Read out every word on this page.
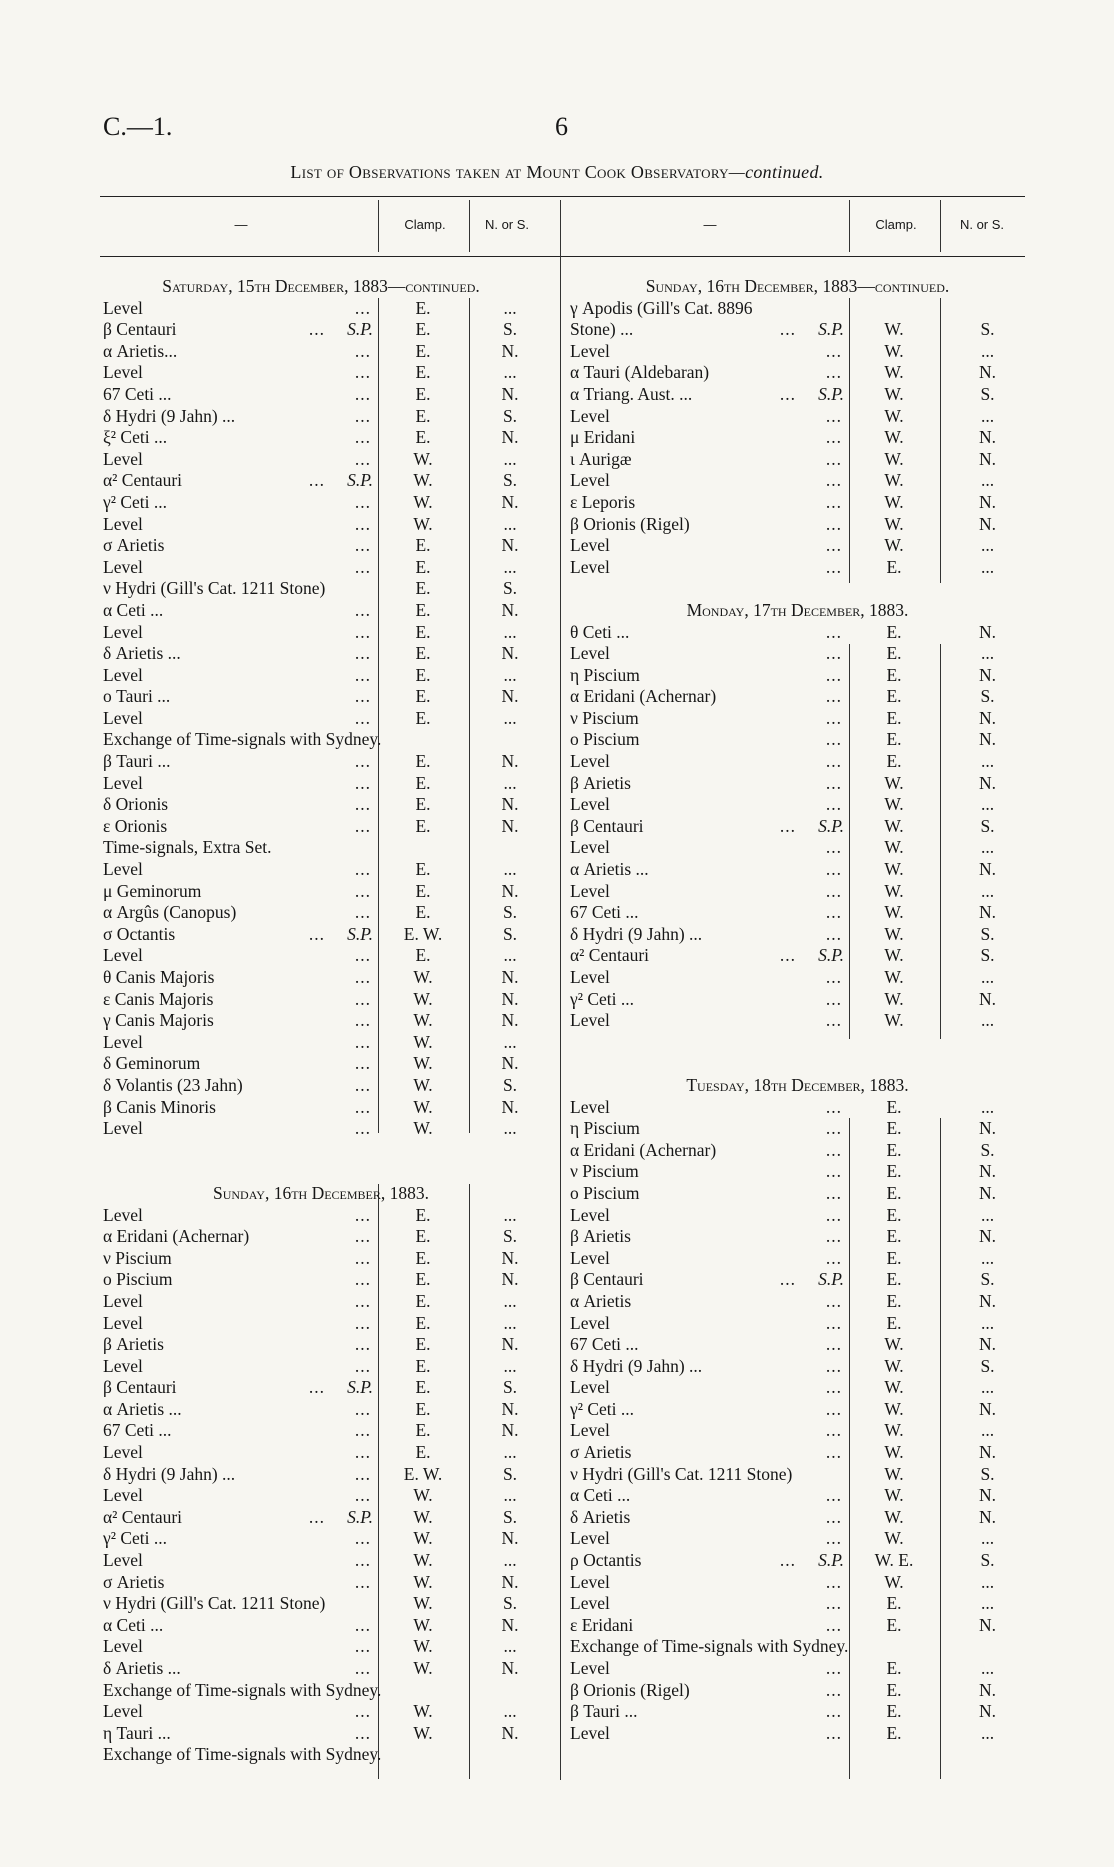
C.—1.	6
List of Observations taken at Mount Cook Observatory—continued.
—	Clamp.	N. or S.	—	Clamp.	N. or S.
Saturday, 15th December, 1883—continued.
Level	...	E.	...
β Centauri	...	S.P.	E.	S.
α Arietis...	...	E.	N.
Level	...	E.	...
67 Ceti ...	...	E.	N.
δ Hydri (9 Jahn) ...	...	E.	S.
ξ² Ceti ...	...	E.	N.
Level	...	W.	...
α² Centauri	...	S.P.	W.	S.
γ² Ceti ...	...	W.	N.
Level	...	W.	...
σ Arietis	...	E.	N.
Level	...	E.	...
ν Hydri (Gill's Cat. 1211 Stone)	E.	S.
α Ceti ...	...	E.	N.
Level	...	E.	...
δ Arietis ...	...	E.	N.
Level	...	E.	...
ο Tauri ...	...	E.	N.
Level	...	E.	...
Exchange of Time-signals with Sydney.
β Tauri ...	...	E.	N.
Level	...	E.	...
δ Orionis	...	E.	N.
ε Orionis	...	E.	N.
Time-signals, Extra Set.
Level	...	E.	...
μ Geminorum	...	E.	N.
α Argûs (Canopus)	...	E.	S.
σ Octantis	...	S.P.	E. W.	S.
Level	...	E.	...
θ Canis Majoris	...	W.	N.
ε Canis Majoris	...	W.	N.
γ Canis Majoris	...	W.	N.
Level	...	W.	...
δ Geminorum	...	W.	N.
δ Volantis (23 Jahn)	...	W.	S.
β Canis Minoris	...	W.	N.
Level	...	W.	...
Sunday, 16th December, 1883.
Level	...	E.	...
α Eridani (Achernar)	...	E.	S.
ν Piscium	...	E.	N.
ο Piscium	...	E.	N.
Level	...	E.	...
Level	...	E.	...
β Arietis	...	E.	N.
Level	...	E.	...
β Centauri	...	S.P.	E.	S.
α Arietis ...	...	E.	N.
67 Ceti ...	...	E.	N.
Level	...	E.	...
δ Hydri (9 Jahn) ...	...	E. W.	S.
Level	...	W.	...
α² Centauri	...	S.P.	W.	S.
γ² Ceti ...	...	W.	N.
Level	...	W.	...
σ Arietis	...	W.	N.
ν Hydri (Gill's Cat. 1211 Stone)	W.	S.
α Ceti ...	...	W.	N.
Level	...	W.	...
δ Arietis ...	...	W.	N.
Exchange of Time-signals with Sydney.
Level	...	W.	...
η Tauri ...	...	W.	N.
Exchange of Time-signals with Sydney.
Sunday, 16th December, 1883—continued.
γ Apodis (Gill's Cat. 8896
Stone) ...	...	S.P.	W.	S.
Level	...	W.	...
α Tauri (Aldebaran)	...	W.	N.
α Triang. Aust. ...	...	S.P.	W.	S.
Level	...	W.	...
μ Eridani	...	W.	N.
ι Aurigæ	...	W.	N.
Level	...	W.	...
ε Leporis	...	W.	N.
β Orionis (Rigel)	...	W.	N.
Level	...	W.	...
Level	...	E.	...
Monday, 17th December, 1883.
θ Ceti ...	...	E.	N.
Level	...	E.	...
η Piscium	...	E.	N.
α Eridani (Achernar)	...	E.	S.
ν Piscium	...	E.	N.
ο Piscium	...	E.	N.
Level	...	E.	...
β Arietis	...	W.	N.
Level	...	W.	...
β Centauri	...	S.P.	W.	S.
Level	...	W.	...
α Arietis ...	...	W.	N.
Level	...	W.	...
67 Ceti ...	...	W.	N.
δ Hydri (9 Jahn) ...	...	W.	S.
α² Centauri	...	S.P.	W.	S.
Level	...	W.	...
γ² Ceti ...	...	W.	N.
Level	...	W.	...
Tuesday, 18th December, 1883.
Level	...	E.	...
η Piscium	...	E.	N.
α Eridani (Achernar)	...	E.	S.
ν Piscium	...	E.	N.
ο Piscium	...	E.	N.
Level	...	E.	...
β Arietis	...	E.	N.
Level	...	E.	...
β Centauri	...	S.P.	E.	S.
α Arietis	...	E.	N.
Level	...	E.	...
67 Ceti ...	...	W.	N.
δ Hydri (9 Jahn) ...	...	W.	S.
Level	...	W.	...
γ² Ceti ...	...	W.	N.
Level	...	W.	...
σ Arietis	...	W.	N.
ν Hydri (Gill's Cat. 1211 Stone)	W.	S.
α Ceti ...	...	W.	N.
δ Arietis	...	W.	N.
Level	...	W.	...
ρ Octantis	...	S.P.	W. E.	S.
Level	...	W.	...
Level	...	E.	...
ε Eridani	...	E.	N.
Exchange of Time-signals with Sydney.
Level	...	E.	...
β Orionis (Rigel)	...	E.	N.
β Tauri ...	...	E.	N.
Level	...	E.	...
